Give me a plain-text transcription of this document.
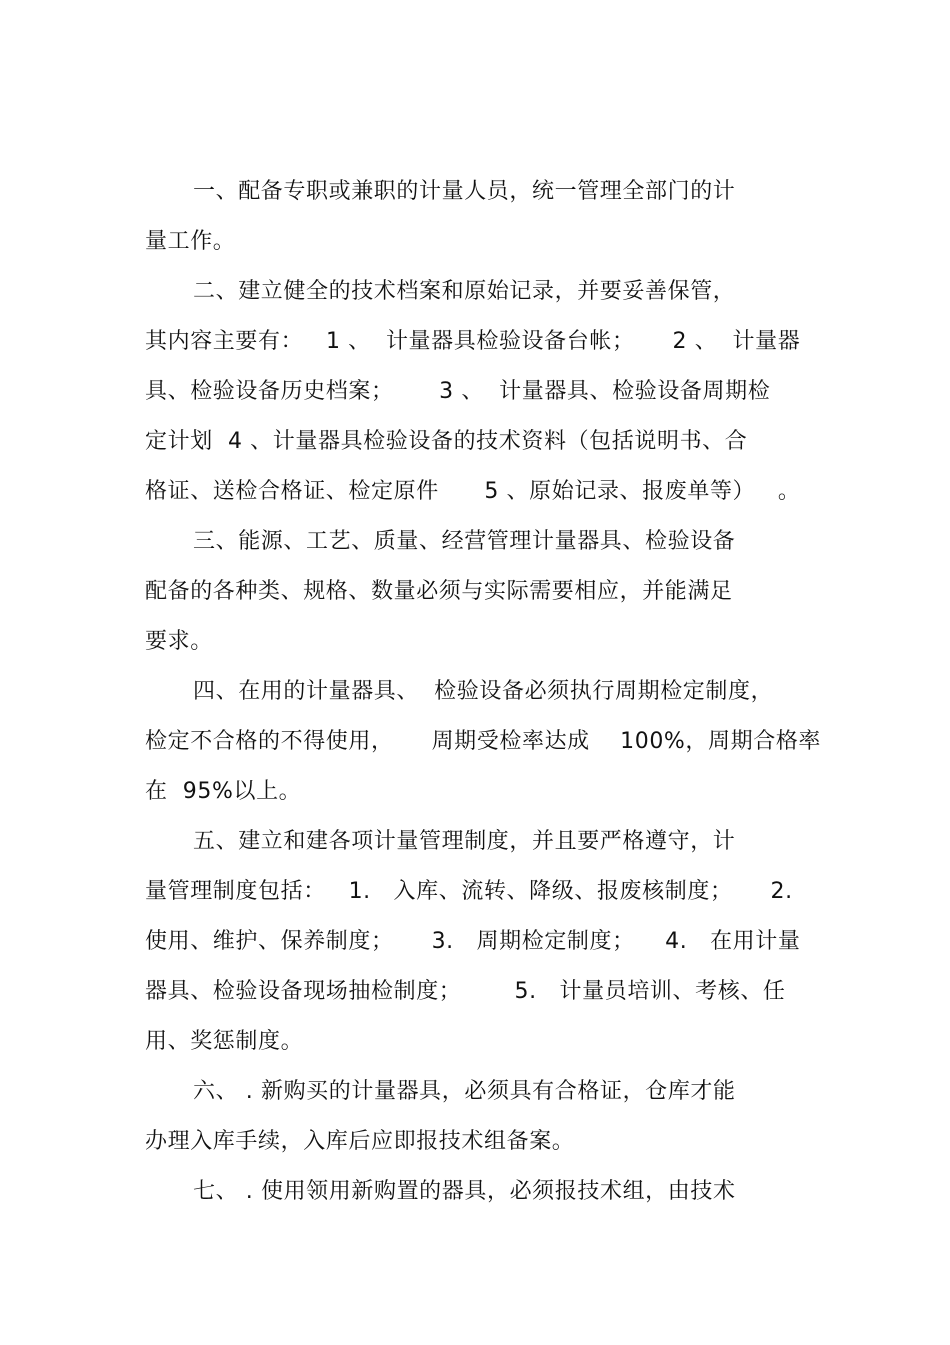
一、配备专职或兼职的计量人员，统一管理全部门的计
量工作。
二、建立健全的技术档案和原始记录，并要妥善保管，
其内容主要有：   1 、  计量器具检验设备台帐；     2 、  计量器
具、检验设备历史档案；      3 、  计量器具、检验设备周期检
定计划  4 、计量器具检验设备的技术资料（包括说明书、合
格证、送检合格证、检定原件      5 、原始记录、报废单等）   。
三、能源、工艺、质量、经营管理计量器具、检验设备
配备的各种类、规格、数量必须与实际需要相应，并能满足
要求。
四、在用的计量器具、  检验设备必须执行周期检定制度，
检定不合格的不得使用，     周期受检率达成    100%，周期合格率
在  95%以上。
五、建立和建各项计量管理制度，并且要严格遵守，计
量管理制度包括：   1.   入库、流转、降级、报废核制度；     2.
使用、维护、保养制度；     3.   周期检定制度；    4.   在用计量
器具、检验设备现场抽检制度；       5.   计量员培训、考核、任
用、奖惩制度。
六、 . 新购买的计量器具，必须具有合格证，仓库才能
办理入库手续，入库后应即报技术组备案。
七、 . 使用领用新购置的器具，必须报技术组，由技术
